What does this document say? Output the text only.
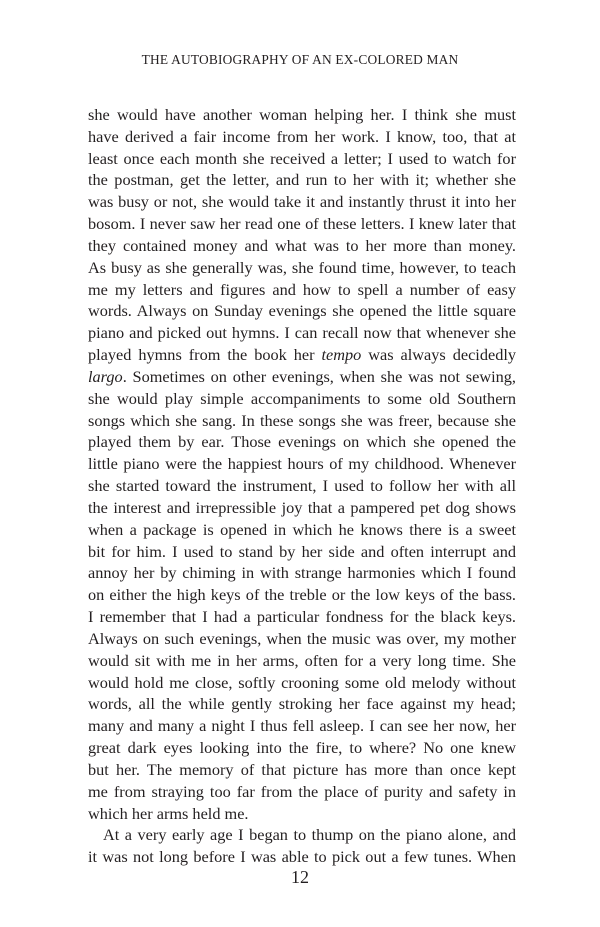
THE AUTOBIOGRAPHY OF AN EX-COLORED MAN
she would have another woman helping her. I think she must
have derived a fair income from her work. I know, too, that at
least once each month she received a letter; I used to watch for
the postman, get the letter, and run to her with it; whether she
was busy or not, she would take it and instantly thrust it into her
bosom. I never saw her read one of these letters. I knew later that
they contained money and what was to her more than money.
As busy as she generally was, she found time, however, to teach
me my letters and figures and how to spell a number of easy
words. Always on Sunday evenings she opened the little square
piano and picked out hymns. I can recall now that whenever she
played hymns from the book her tempo was always decidedly
largo. Sometimes on other evenings, when she was not sewing,
she would play simple accompaniments to some old Southern
songs which she sang. In these songs she was freer, because she
played them by ear. Those evenings on which she opened the
little piano were the happiest hours of my childhood. Whenever
she started toward the instrument, I used to follow her with all
the interest and irrepressible joy that a pampered pet dog shows
when a package is opened in which he knows there is a sweet
bit for him. I used to stand by her side and often interrupt and
annoy her by chiming in with strange harmonies which I found
on either the high keys of the treble or the low keys of the bass.
I remember that I had a particular fondness for the black keys.
Always on such evenings, when the music was over, my mother
would sit with me in her arms, often for a very long time. She
would hold me close, softly crooning some old melody without
words, all the while gently stroking her face against my head;
many and many a night I thus fell asleep. I can see her now, her
great dark eyes looking into the fire, to where? No one knew
but her. The memory of that picture has more than once kept
me from straying too far from the place of purity and safety in
which her arms held me.
At a very early age I began to thump on the piano alone, and
it was not long before I was able to pick out a few tunes. When
12
